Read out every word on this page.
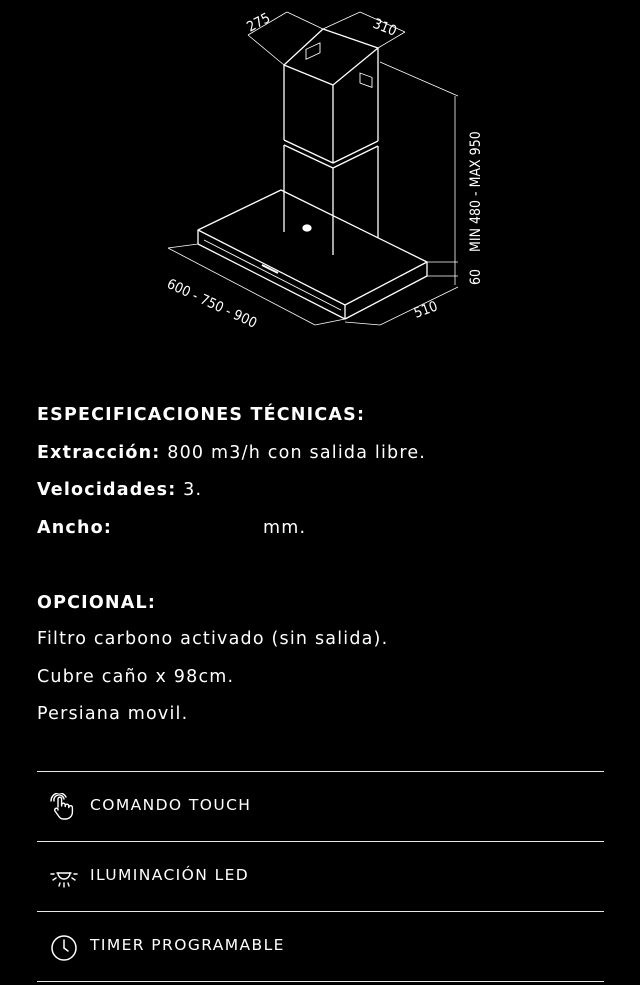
275	310
MIN 480 - MAX 950
60
510
600 - 750 - 900
ESPECIFICACIONES TÉCNICAS:
Extracción: 800 m3/h con salida libre.
Velocidades: 3.
Ancho:	mm.
OPCIONAL:
Filtro carbono activado (sin salida).
Cubre caño x 98cm.
Persiana movil.
COMANDO TOUCH
ILUMINACIÓN LED
TIMER PROGRAMABLE
